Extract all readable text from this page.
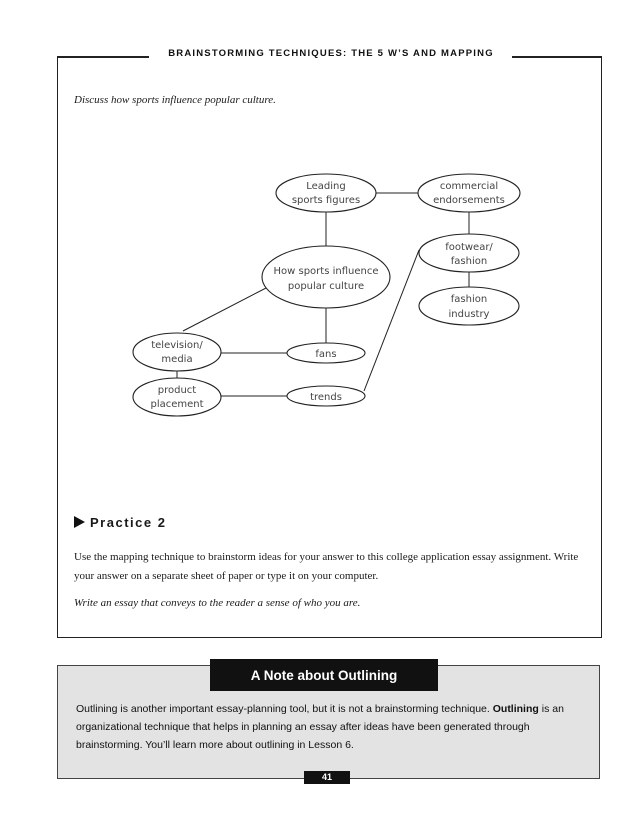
BRAINSTORMING TECHNIQUES: THE 5 W’S AND MAPPING
Discuss how sports influence popular culture.
Leading
sports figures
commercial
endorsements
footwear/
fashion
fashion
industry
How sports influence
popular culture
television/
media	fans
product
placement
trends
Practice 2
Use the mapping technique to brainstorm ideas for your answer to this college application essay assignment. Write your answer on a separate sheet of paper or type it on your computer.
Write an essay that conveys to the reader a sense of who you are.
A Note about Outlining
Outlining is another important essay-planning tool, but it is not a brainstorming technique. Outlining is an organizational technique that helps in planning an essay after ideas have been generated through brainstorming. You’ll learn more about outlining in Lesson 6.
41
